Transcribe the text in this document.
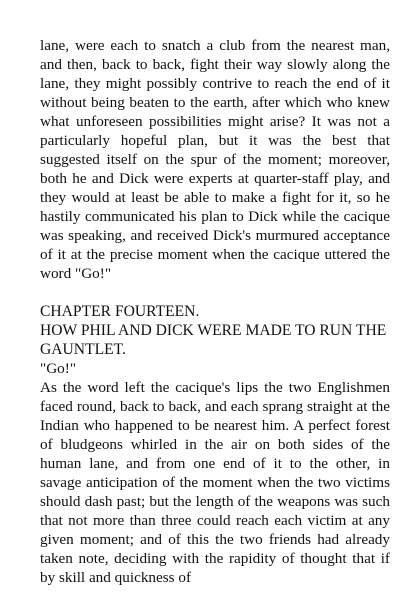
lane, were each to snatch a club from the nearest man, and then, back to back, fight their way slowly along the lane, they might possibly contrive to reach the end of it without being beaten to the earth, after which who knew what unforeseen possibilities might arise? It was not a particularly hopeful plan, but it was the best that suggested itself on the spur of the moment; moreover, both he and Dick were experts at quarter-staff play, and they would at least be able to make a fight for it, so he hastily communicated his plan to Dick while the cacique was speaking, and received Dick's murmured acceptance of it at the precise moment when the cacique uttered the word "Go!"

CHAPTER FOURTEEN.

HOW PHIL AND DICK WERE MADE TO RUN THE GAUNTLET.

"Go!"

As the word left the cacique's lips the two Englishmen faced round, back to back, and each sprang straight at the Indian who happened to be nearest him. A perfect forest of bludgeons whirled in the air on both sides of the human lane, and from one end of it to the other, in savage anticipation of the moment when the two victims should dash past; but the length of the weapons was such that not more than three could reach each victim at any given moment; and of this the two friends had already taken note, deciding with the rapidity of thought that if by skill and quickness of
